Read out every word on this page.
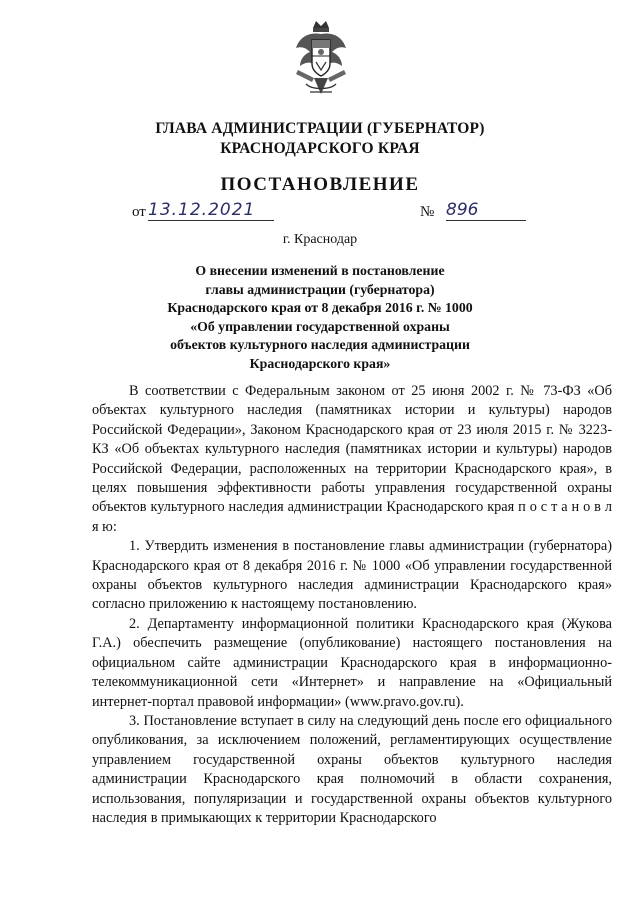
ГЛАВА АДМИНИСТРАЦИИ (ГУБЕРНАТОР)
КРАСНОДАРСКОГО КРАЯ
ПОСТАНОВЛЕНИЕ
от 13.12.2021	№ 896
г. Краснодар
О внесении изменений в постановление
главы администрации (губернатора)
Краснодарского края от 8 декабря 2016 г. № 1000
«Об управлении государственной охраны
объектов культурного наследия администрации
Краснодарского края»

В соответствии с Федеральным законом от 25 июня 2002 г. № 73-ФЗ «Об объектах культурного наследия (памятниках истории и культуры) народов Российской Федерации», Законом Краснодарского края от 23 июля 2015 г. № 3223-КЗ «Об объектах культурного наследия (памятниках истории и культуры) народов Российской Федерации, расположенных на территории Краснодарского края», в целях повышения эффективности работы управления государственной охраны объектов культурного наследия администрации Краснодарского края п о с т а н о в л я ю:

1. Утвердить изменения в постановление главы администрации (губернатора) Краснодарского края от 8 декабря 2016 г. № 1000 «Об управлении государственной охраны объектов культурного наследия администрации Краснодарского края» согласно приложению к настоящему постановлению.

2. Департаменту информационной политики Краснодарского края (Жукова Г.А.) обеспечить размещение (опубликование) настоящего постановления на официальном сайте администрации Краснодарского края в информационно-телекоммуникационной сети «Интернет» и направление на «Официальный интернет-портал правовой информации» (www.pravo.gov.ru).

3. Постановление вступает в силу на следующий день после его официального опубликования, за исключением положений, регламентирующих осуществление управлением государственной охраны объектов культурного наследия администрации Краснодарского края полномочий в области сохранения, использования, популяризации и государственной охраны объектов культурного наследия в примыкающих к территории Краснодарского
